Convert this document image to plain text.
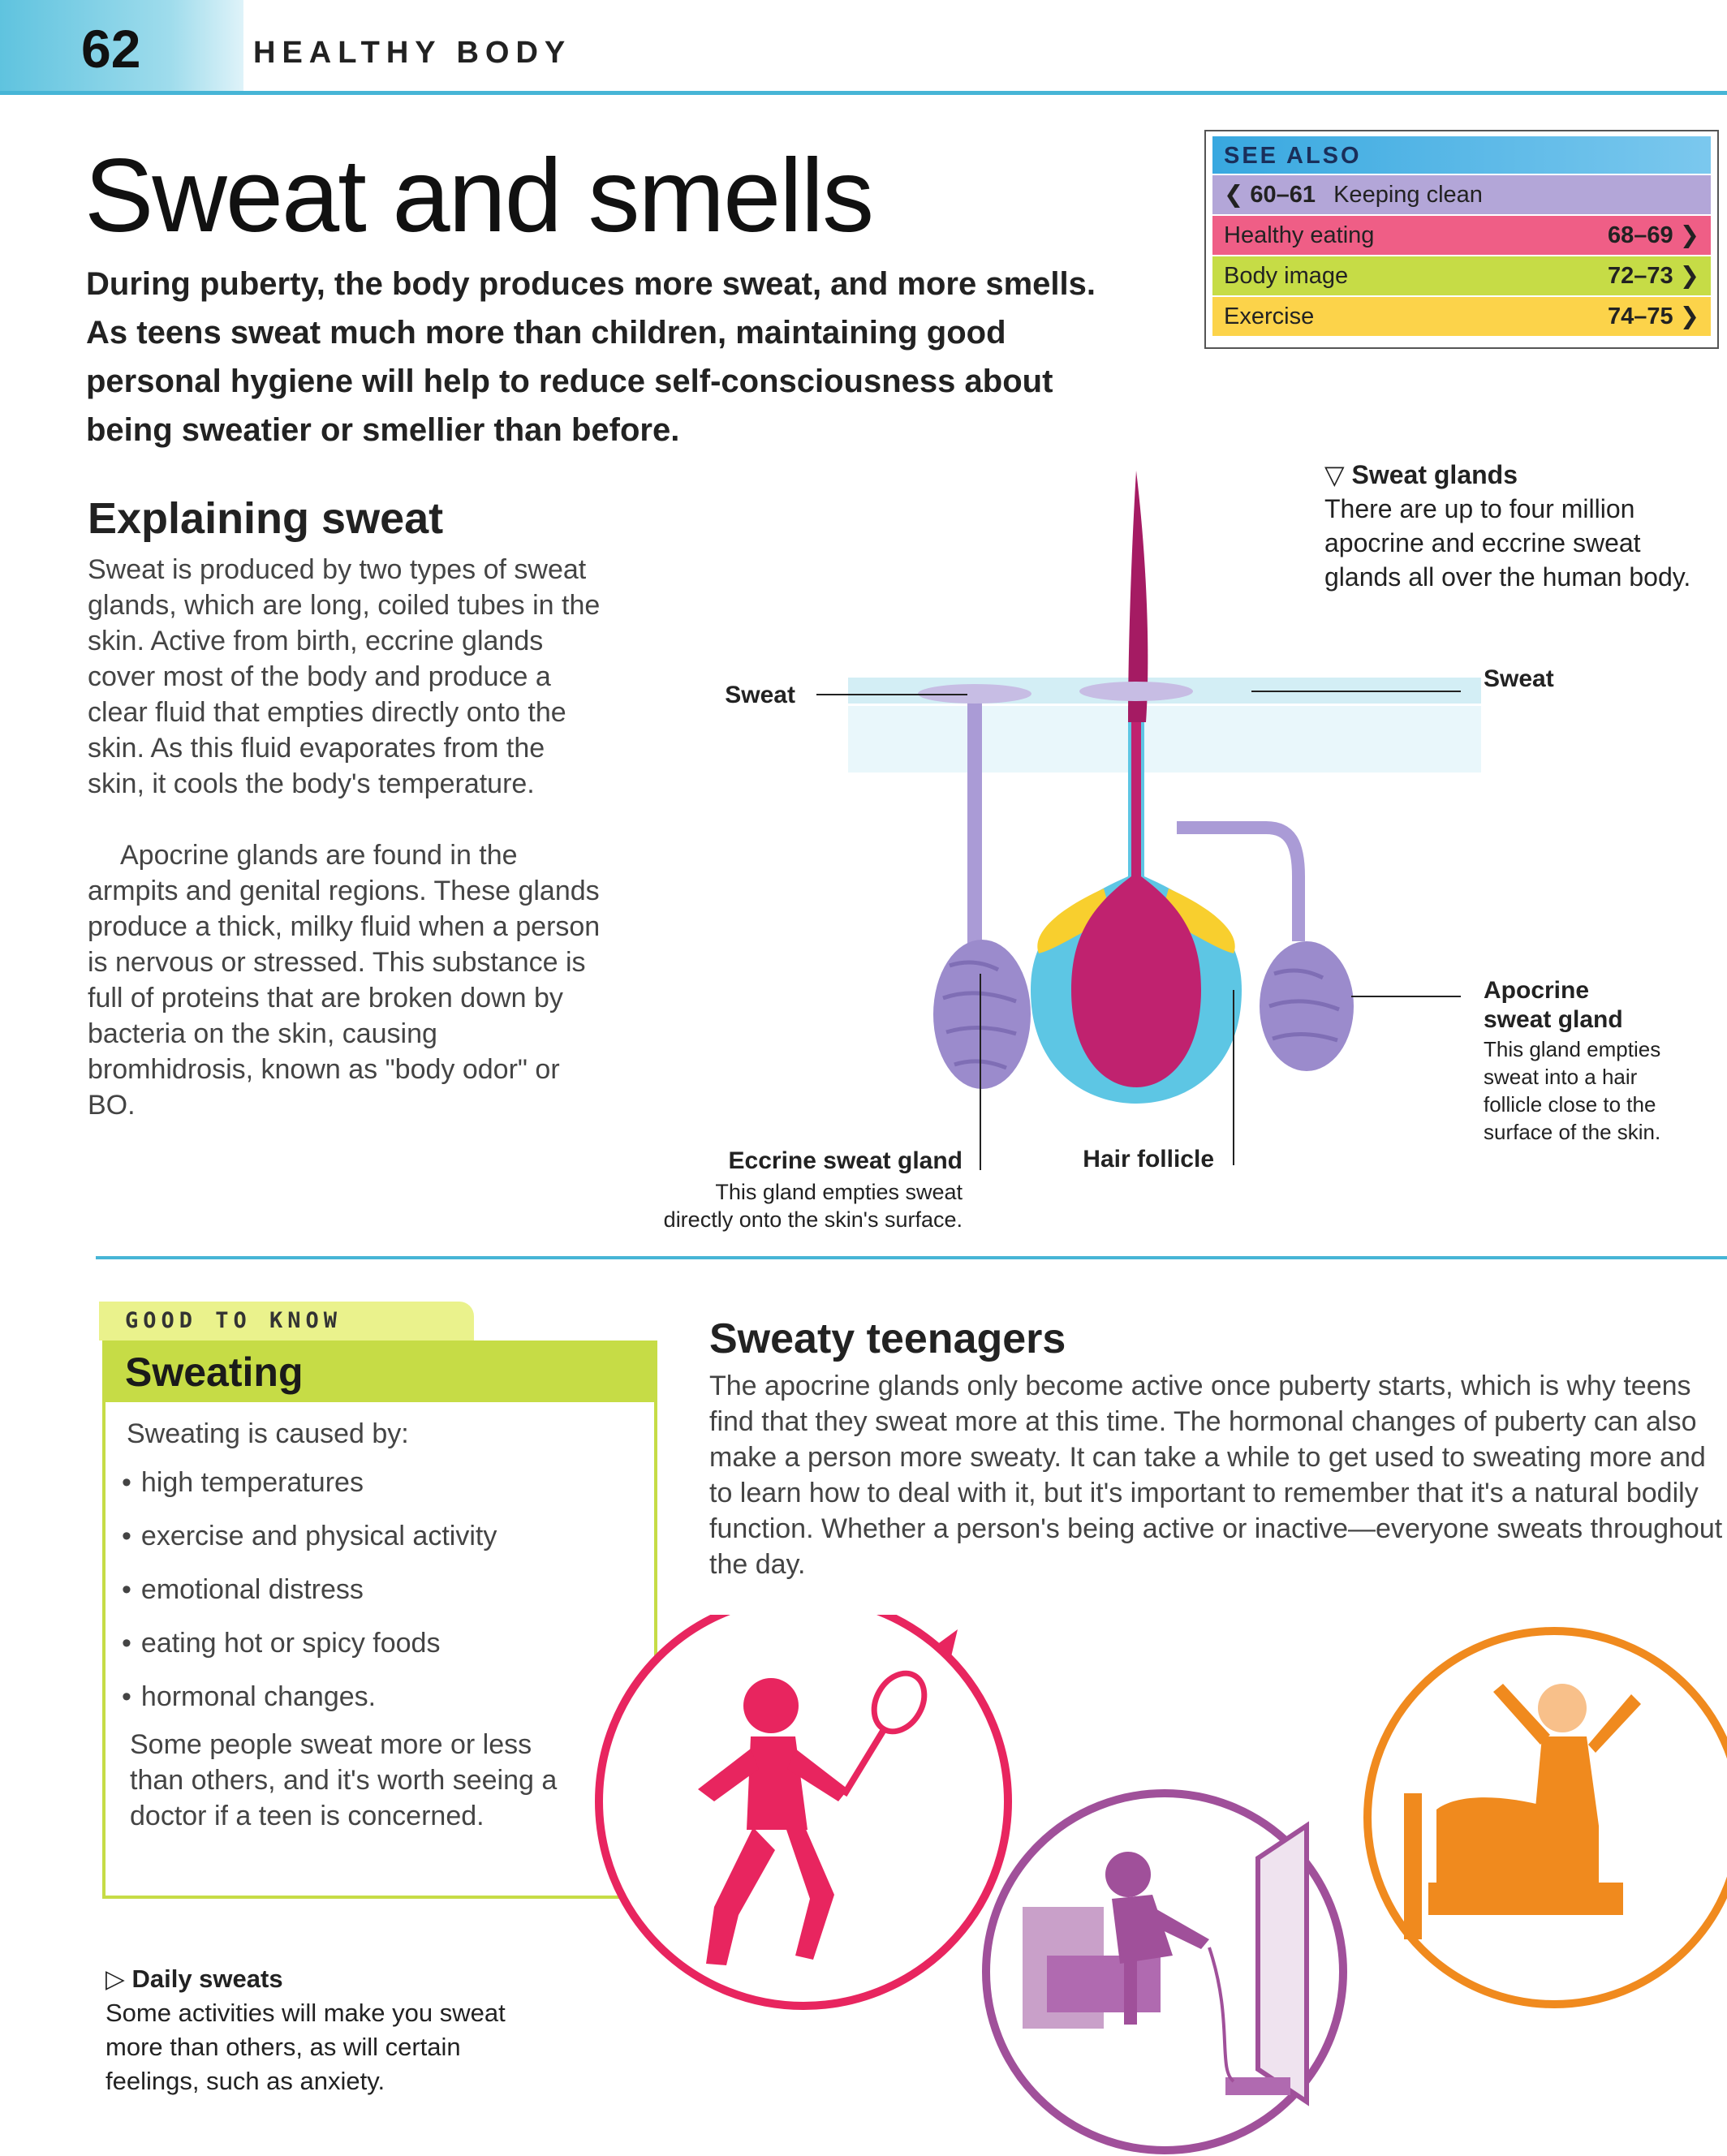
62	HEALTHY BODY
Sweat and smells
During puberty, the body produces more sweat, and more smells. As teens sweat much more than children, maintaining good personal hygiene will help to reduce self-consciousness about being sweatier or smellier than before.
SEE ALSO
❮ 60–61 Keeping clean
Healthy eating	68–69 ❯
Body image	72–73 ❯
Exercise	74–75 ❯
Explaining sweat
Sweat is produced by two types of sweat glands, which are long, coiled tubes in the skin. Active from birth, eccrine glands cover most of the body and produce a clear fluid that empties directly onto the skin. As this fluid evaporates from the skin, it cools the body's temperature.
Apocrine glands are found in the armpits and genital regions. These glands produce a thick, milky fluid when a person is nervous or stressed. This substance is full of proteins that are broken down by bacteria on the skin, causing bromhidrosis, known as "body odor" or BO.
▽ Sweat glands
There are up to four million apocrine and eccrine sweat glands all over the human body.
Sweat
Sweat
Eccrine sweat gland
This gland empties sweat directly onto the skin's surface.
Hair follicle
Apocrine
sweat gland
This gland empties sweat into a hair follicle close to the surface of the skin.
GOOD TO KNOW
Sweating
Sweating is caused by:
• high temperatures
• exercise and physical activity
• emotional distress
• eating hot or spicy foods
• hormonal changes.
Some people sweat more or less than others, and it's worth seeing a doctor if a teen is concerned.
Sweaty teenagers
The apocrine glands only become active once puberty starts, which is why teens find that they sweat more at this time. The hormonal changes of puberty can also make a person more sweaty. It can take a while to get used to sweating more and to learn how to deal with it, but it's important to remember that it's a natural bodily function. Whether a person's being active or inactive—everyone sweats throughout the day.
▷ Daily sweats
Some activities will make you sweat more than others, as will certain feelings, such as anxiety.
